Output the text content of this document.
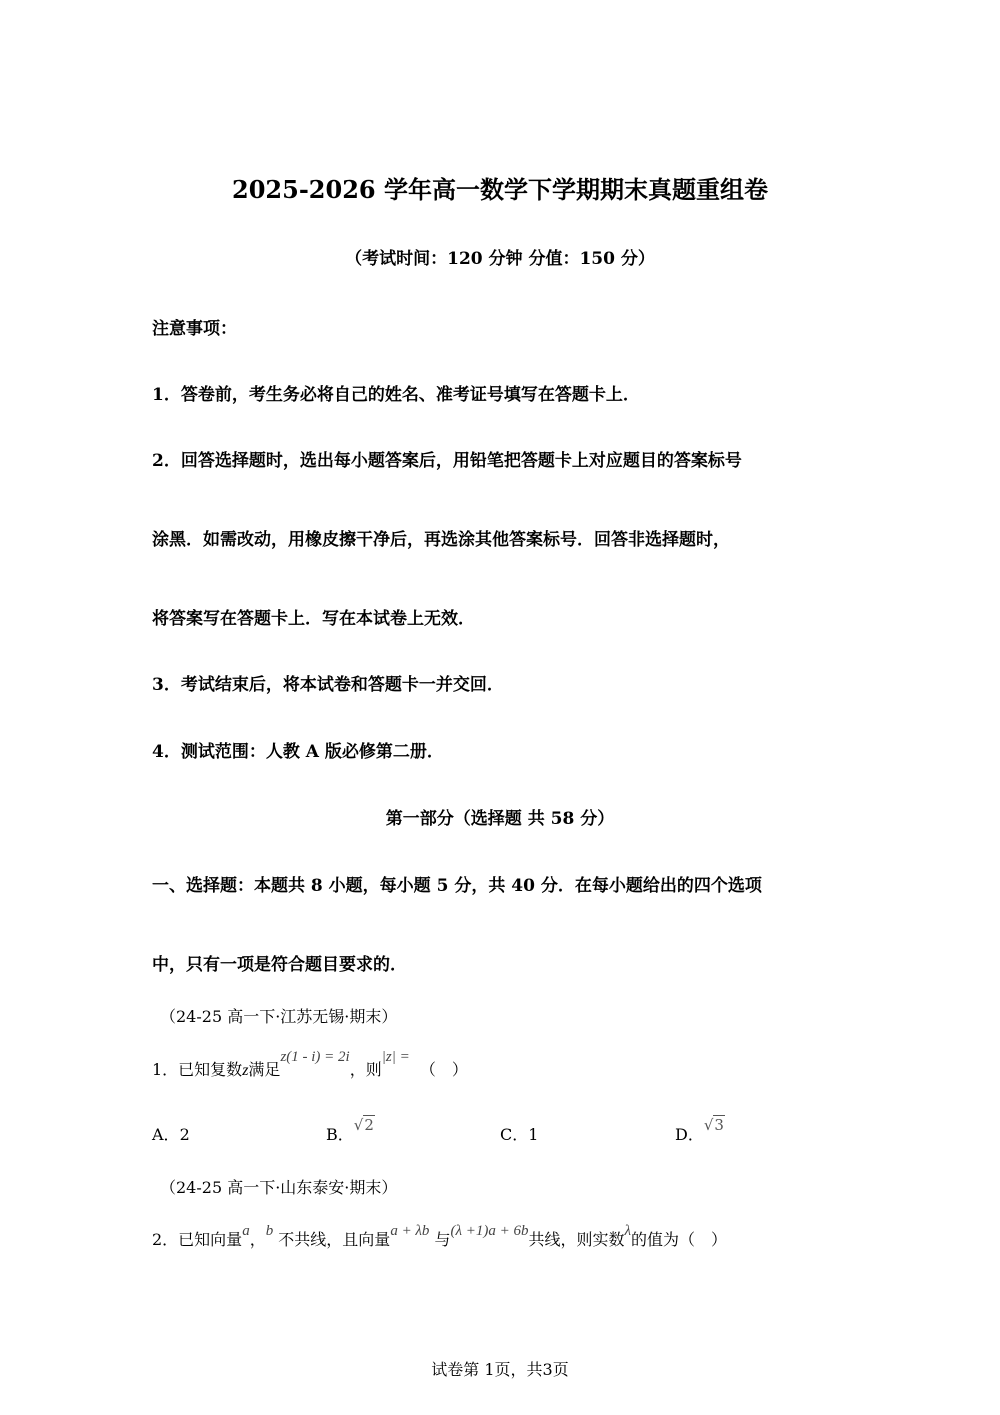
2025-2026 学年高一数学下学期期末真题重组卷
（考试时间：120 分钟 分值：150 分）
注意事项：
1．答卷前，考生务必将自己的姓名、准考证号填写在答题卡上．
2．回答选择题时，选出每小题答案后，用铅笔把答题卡上对应题目的答案标号
涂黑．如需改动，用橡皮擦干净后，再选涂其他答案标号．回答非选择题时，
将答案写在答题卡上．写在本试卷上无效．
3．考试结束后，将本试卷和答题卡一并交回．
4．测试范围：人教 A 版必修第二册．
第一部分（选择题 共 58 分）
一、选择题：本题共 8 小题，每小题 5 分，共 40 分．在每小题给出的四个选项
中，只有一项是符合题目要求的．
（24-25 高一下·江苏无锡·期末）
1．已知复数z满足z(1 - i) = 2i，则|z| =  （　）
A．2	B．√2	C．1	D．√3
（24-25 高一下·山东泰安·期末）
2．已知向量a，b 不共线，且向量a + λb 与(λ +1)a + 6b共线，则实数λ的值为（　）
试卷第 1页，共3页
